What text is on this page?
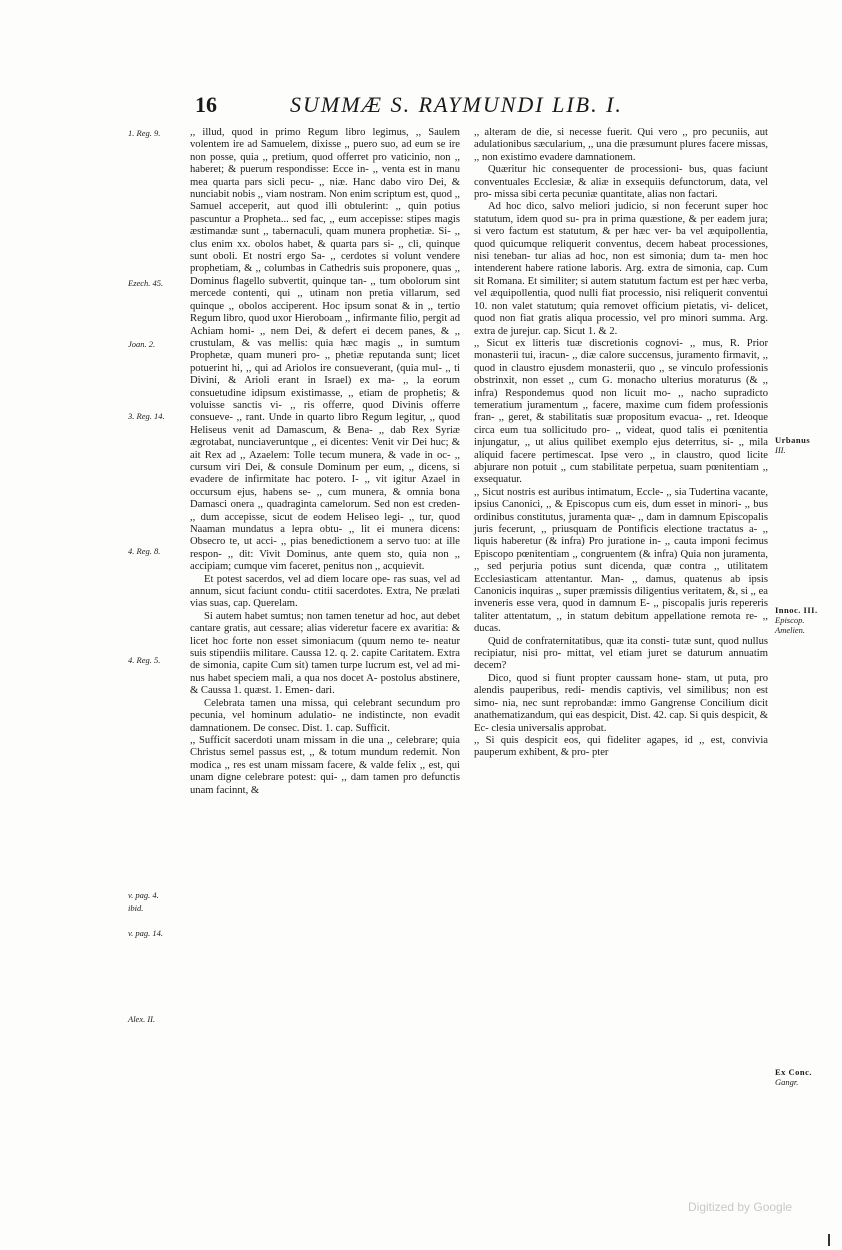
16	SUMMÆ S. RAYMUNDI LIB. I.
1. Reg. 9.
Ezech. 45.
Joan. 2.
3. Reg. 14.
4. Reg. 8.
4. Reg. 5.
v. pag. 4.
ibid.
v. pag. 14.
Alex. II.
Urbanus
III.
Innoc. III.
Episcop. Amelien.
Ex Conc.
Gangr.

,, illud, quod in primo Regum libro legimus, ,, Saulem volentem ire ad Samuelem, dixisse ,, puero suo, ad eum se ire non posse, quia ,, pretium, quod offerret pro vaticinio, non ,, haberet; & puerum respondisse: Ecce in- ,, venta est in manu mea quarta pars sicli pecu- ,, niæ. Hanc dabo viro Dei, & nunciabit nobis ,, viam nostram. Non enim scriptum est, quod ,, Samuel acceperit, aut quod illi obtulerint: ,, quin potius pascuntur a Propheta... sed fac, ,, eum accepisse: stipes magis æstimandæ sunt ,, tabernaculi, quam munera prophetiæ. Si- ,, clus enim xx. obolos habet, & quarta pars si- ,, cli, quinque sunt oboli. Et nostri ergo Sa- ,, cerdotes si volunt vendere prophetiam, & ,, columbas in Cathedris suis proponere, quas ,, Dominus flagello subvertit, quinque tan- ,, tum obolorum sint mercede contenti, qui ,, utinam non pretia villarum, sed quinque ,, obolos acciperent. Hoc ipsum sonat & in ,, tertio Regum libro, quod uxor Hieroboam ,, infirmante filio, pergit ad Achiam homi- ,, nem Dei, & defert ei decem panes, & ,, crustulam, & vas mellis: quia hæc magis ,, in sumtum Prophetæ, quam muneri pro- ,, phetiæ reputanda sunt; licet potuerint hi, ,, qui ad Ariolos ire consueverant, (quia mul- ,, ti Divini, & Arioli erant in Israel) ex ma- ,, la eorum consuetudine idipsum existimasse, ,, etiam de prophetis; & voluisse sanctis vi- ,, ris offerre, quod Divinis offerre consueve- ,, rant. Unde in quarto libro Regum legitur, ,, quod Heliseus venit ad Damascum, & Bena- ,, dab Rex Syriæ ægrotabat, nunciaveruntque ,, ei dicentes: Venit vir Dei huc; & ait Rex ad ,, Azaelem: Tolle tecum munera, & vade in oc- ,, cursum viri Dei, & consule Dominum per eum, ,, dicens, si evadere de infirmitate hac potero. I- ,, vit igitur Azael in occursum ejus, habens se- ,, cum munera, & omnia bona Damasci onera ,, quadraginta camelorum. Sed non est creden- ,, dum accepisse, sicut de eodem Heliseo legi- ,, tur, quod Naaman mundatus a lepra obtu- ,, lit ei munera dicens: Obsecro te, ut acci- ,, pias benedictionem a servo tuo: at ille respon- ,, dit: Vivit Dominus, ante quem sto, quia non ,, accipiam; cumque vim faceret, penitus non ,, acquievit.

Et potest sacerdos, vel ad diem locare ope- ras suas, vel ad annum, sicut faciunt condu- ctitii sacerdotes. Extra, Ne prælati vias suas, cap. Querelam.

Si autem habet sumtus; non tamen tenetur ad hoc, aut debet cantare gratis, aut cessare; alias videretur facere ex avaritia: & licet hoc forte non esset simoniacum (quum nemo te- neatur suis stipendiis militare. Caussa 12. q. 2. capite Caritatem. Extra de simonia, capite Cum sit) tamen turpe lucrum est, vel ad mi- nus habet speciem mali, a qua nos docet A- postolus abstinere, & Caussa 1. quæst. 1. Emen- dari.

Celebrata tamen una missa, qui celebrant secundum pro pecunia, vel hominum adulatio- ne indistincte, non evadit damnationem. De consec. Dist. 1. cap. Sufficit.

,, Sufficit sacerdoti unam missam in die una ,, celebrare; quia Christus semel passus est, ,, & totum mundum redemit. Non modica ,, res est unam missam facere, & valde felix ,, est, qui unam digne celebrare potest: qui- ,, dam tamen pro defunctis unam facinnt, &

,, alteram de die, si necesse fuerit. Qui vero ,, pro pecuniis, aut adulationibus sæcularium, ,, una die præsumunt plures facere missas, ,, non existimo evadere damnationem.

Quæritur hic consequenter de processioni- bus, quas faciunt conventuales Ecclesiæ, & aliæ in exsequiis defunctorum, data, vel pro- missa sibi certa pecuniæ quantitate, alias non factari.

Ad hoc dico, salvo meliori judicio, si non fecerunt super hoc statutum, idem quod su- pra in prima quæstione, & per eadem jura; si vero factum est statutum, & per hæc ver- ba vel æquipollentia, quod quicumque reliquerit conventus, decem habeat processiones, nisi teneban- tur alias ad hoc, non est simonia; dum ta- men hoc intenderent habere ratione laboris. Arg. extra de simonia, cap. Cum sit Romana. Et similiter; si autem statutum factum est per hæc verba, vel æquipollentia, quod nulli fiat processio, nisi reliquerit conventui 10. non valet statutum; quia removet officium pietatis, vi- delicet, quod non fiat gratis aliqua processio, vel pro minori summa. Arg. extra de jurejur. cap. Sicut 1. & 2.

,, Sicut ex litteris tuæ discretionis cognovi- ,, mus, R. Prior monasterii tui, iracun- ,, diæ calore succensus, juramento firmavit, ,, quod in claustro ejusdem monasterii, quo ,, se vinculo professionis obstrinxit, non esset ,, cum G. monacho ulterius moraturus (& ,, infra) Respondemus quod non licuit mo- ,, nacho supradicto temeratium juramentum ,, facere, maxime cum fidem professionis fran- ,, geret, & stabilitatis suæ propositum evacua- ,, ret. Ideoque circa eum tua sollicitudo pro- ,, videat, quod talis ei pœnitentia injungatur, ,, ut alius quilibet exemplo ejus deterritus, si- ,, mila aliquid facere pertimescat. Ipse vero ,, in claustro, quod licite abjurare non potuit ,, cum stabilitate perpetua, suam pœnitentiam ,, exsequatur.

,, Sicut nostris est auribus intimatum, Eccle- ,, sia Tudertina vacante, ipsius Canonici, ,, & Episcopus cum eis, dum esset in minori- ,, bus ordinibus constitutus, juramenta quæ- ,, dam in damnum Episcopalis juris fecerunt, ,, priusquam de Pontificis electione tractatus a- ,, liquis haberetur (& infra) Pro juratione in- ,, cauta imponi fecimus Episcopo pœnitentiam ,, congruentem (& infra) Quia non juramenta, ,, sed perjuria potius sunt dicenda, quæ contra ,, utilitatem Ecclesiasticam attentantur. Man- ,, damus, quatenus ab ipsis Canonicis inquiras ,, super præmissis diligentius veritatem, &, si ,, ea inveneris esse vera, quod in damnum E- ,, piscopalis juris repereris taliter attentatum, ,, in statum debitum appellatione remota re- ,, ducas.

Quid de confraternitatibus, quæ ita consti- tutæ sunt, quod nullus recipiatur, nisi pro- mittat, vel etiam juret se daturum annuatim decem?

Dico, quod si fiunt propter caussam hone- stam, ut puta, pro alendis pauperibus, redi- mendis captivis, vel similibus; non est simo- nia, nec sunt reprobandæ: immo Gangrense Concilium dicit anathematizandum, qui eas despicit, Dist. 42. cap. Si quis despicit, & Ec- clesia universalis approbat.

,, Si quis despicit eos, qui fideliter agapes, id ,, est, convivia pauperum exhibent, & pro- pter

Digitized by Google
